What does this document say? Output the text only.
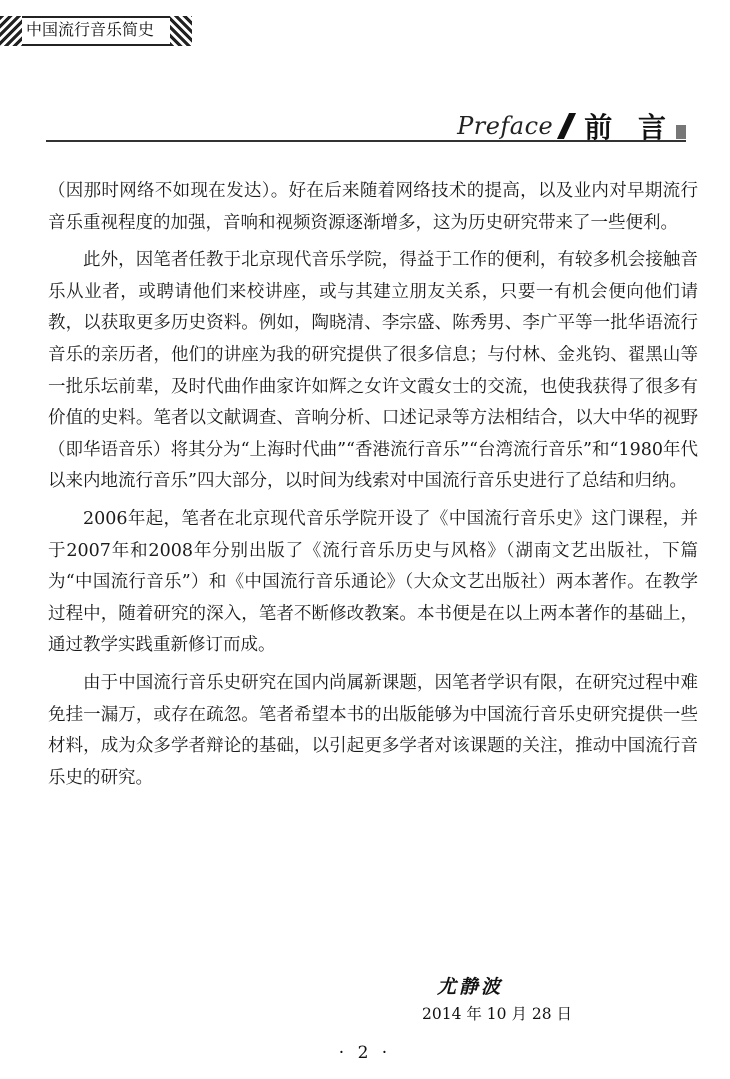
中国流行音乐简史
Preface 前 言

（因那时网络不如现在发达）。好在后来随着网络技术的提高，以及业内对早期流行音乐重视程度的加强，音响和视频资源逐渐增多，这为历史研究带来了一些便利。

此外，因笔者任教于北京现代音乐学院，得益于工作的便利，有较多机会接触音乐从业者，或聘请他们来校讲座，或与其建立朋友关系，只要一有机会便向他们请教，以获取更多历史资料。例如，陶晓清、李宗盛、陈秀男、李广平等一批华语流行音乐的亲历者，他们的讲座为我的研究提供了很多信息；与付林、金兆钧、翟黑山等一批乐坛前辈，及时代曲作曲家许如辉之女许文霞女士的交流，也使我获得了很多有价值的史料。笔者以文献调查、音响分析、口述记录等方法相结合，以大中华的视野（即华语音乐）将其分为“上海时代曲”“香港流行音乐”“台湾流行音乐”和“1980年代以来内地流行音乐”四大部分，以时间为线索对中国流行音乐史进行了总结和归纳。

2006年起，笔者在北京现代音乐学院开设了《中国流行音乐史》这门课程，并于2007年和2008年分别出版了《流行音乐历史与风格》（湖南文艺出版社，下篇为“中国流行音乐”）和《中国流行音乐通论》（大众文艺出版社）两本著作。在教学过程中，随着研究的深入，笔者不断修改教案。本书便是在以上两本著作的基础上，通过教学实践重新修订而成。

由于中国流行音乐史研究在国内尚属新课题，因笔者学识有限，在研究过程中难免挂一漏万，或存在疏忽。笔者希望本书的出版能够为中国流行音乐史研究提供一些材料，成为众多学者辩论的基础，以引起更多学者对该课题的关注，推动中国流行音乐史的研究。

尤静波
2014 年 10 月 28 日
· 2 ·
